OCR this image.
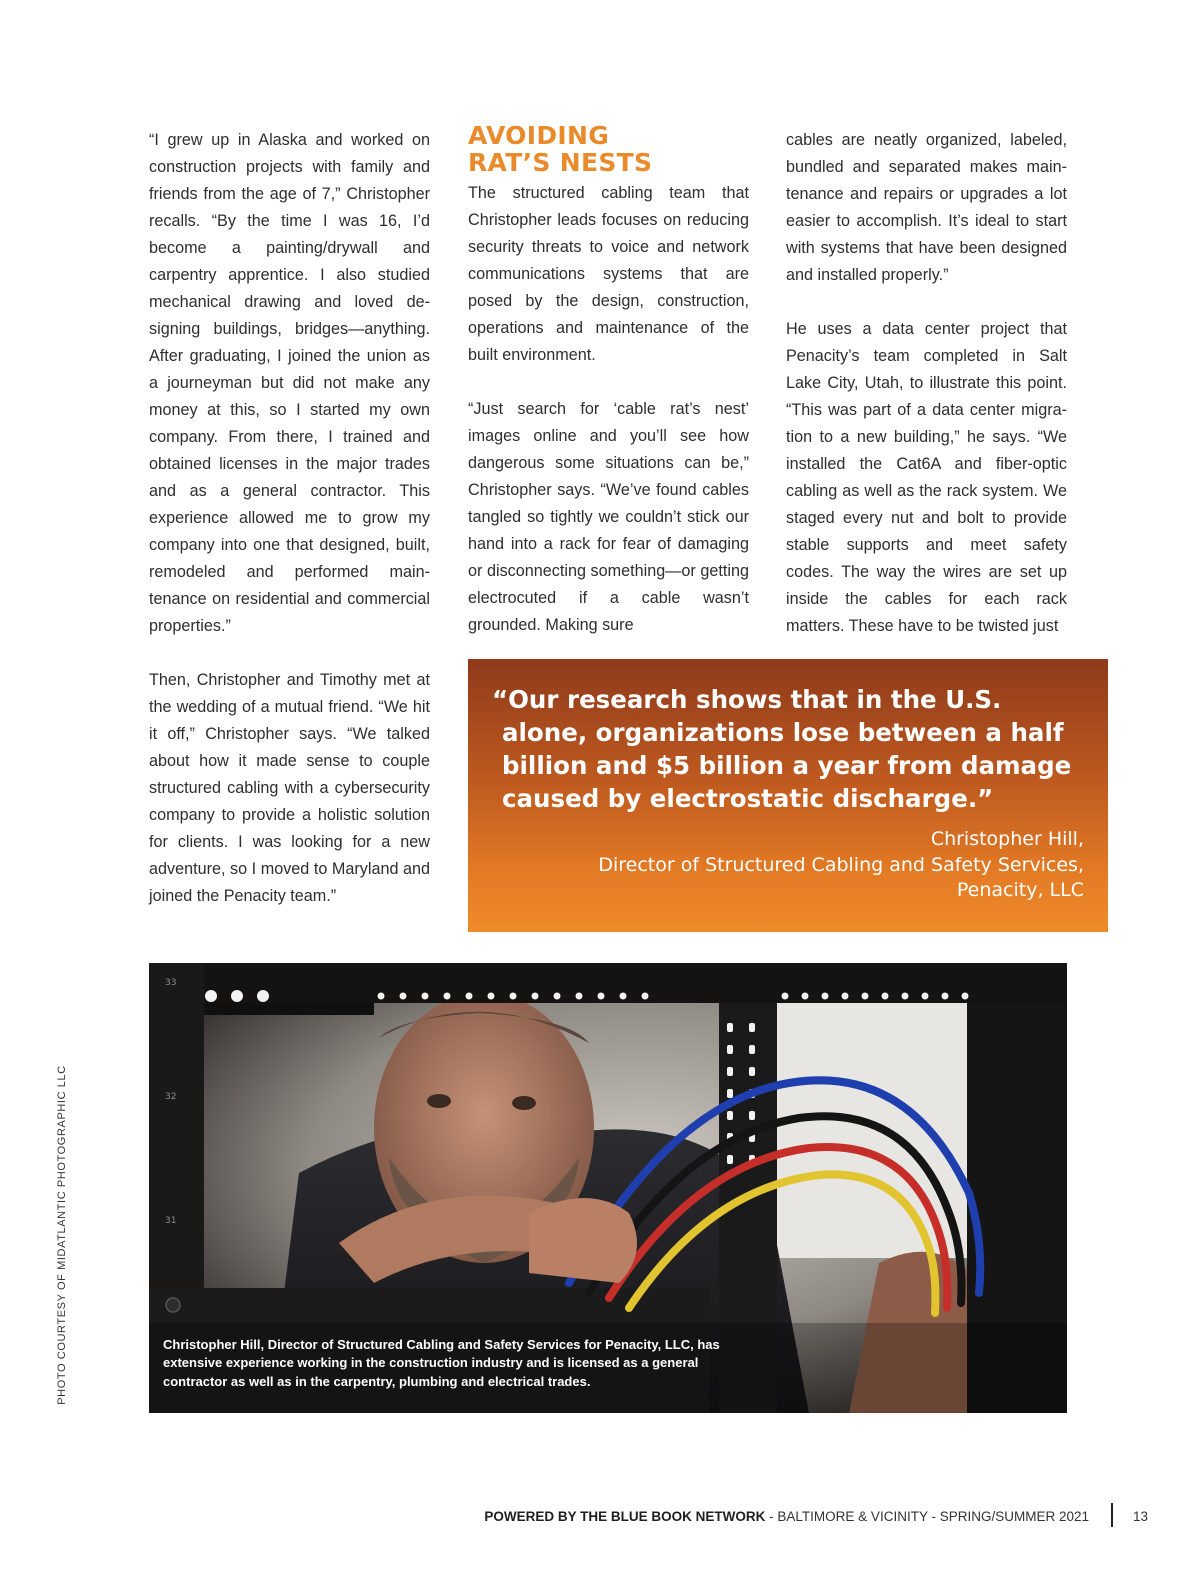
“I grew up in Alaska and worked on construction projects with family and friends from the age of 7,” Christopher recalls. “By the time I was 16, I’d become a painting/drywall and carpentry apprentice. I also studied mechanical drawing and loved designing buildings, bridges—anything. After graduating, I joined the union as a journeyman but did not make any money at this, so I started my own company. From there, I trained and obtained licenses in the major trades and as a general contractor. This experience allowed me to grow my company into one that designed, built, remodeled and performed maintenance on residential and commercial properties.”

Then, Christopher and Timothy met at the wedding of a mutual friend. “We hit it off,” Christopher says. “We talked about how it made sense to couple structured cabling with a cybersecurity company to provide a holistic solution for clients. I was looking for a new adventure, so I moved to Maryland and joined the Penacity team.”

AVOIDING
RAT’S NESTS

The structured cabling team that Christopher leads focuses on reducing security threats to voice and network communications systems that are posed by the design, construction, operations and maintenance of the built environment.

“Just search for ‘cable rat’s nest’ images online and you’ll see how dangerous some situations can be,” Christopher says. “We’ve found cables tangled so tightly we couldn’t stick our hand into a rack for fear of damaging or disconnecting something—or getting electrocuted if a cable wasn’t grounded. Making sure

cables are neatly organized, labeled, bundled and separated makes maintenance and repairs or upgrades a lot easier to accomplish. It’s ideal to start with systems that have been designed and installed properly.”

He uses a data center project that Penacity’s team completed in Salt Lake City, Utah, to illustrate this point. “This was part of a data center migration to a new building,” he says. “We installed the Cat6A and fiber-optic cabling as well as the rack system. We staged every nut and bolt to provide stable supports and meet safety codes. The way the wires are set up inside the cables for each rack matters. These have to be twisted just

“Our research shows that in the U.S. alone, organizations lose between a half billion and $5 billion a year from damage caused by electrostatic discharge.”

Christopher Hill,
Director of Structured Cabling and Safety Services,
Penacity, LLC
33
32
31

Christopher Hill, Director of Structured Cabling and Safety Services for Penacity, LLC, has extensive experience working in the construction industry and is licensed as a general contractor as well as in the carpentry, plumbing and electrical trades.

PHOTO COURTESY OF MIDATLANTIC PHOTOGRAPHIC LLC
POWERED BY THE BLUE BOOK NETWORK - BALTIMORE & VICINITY - SPRING/SUMMER 2021	13
